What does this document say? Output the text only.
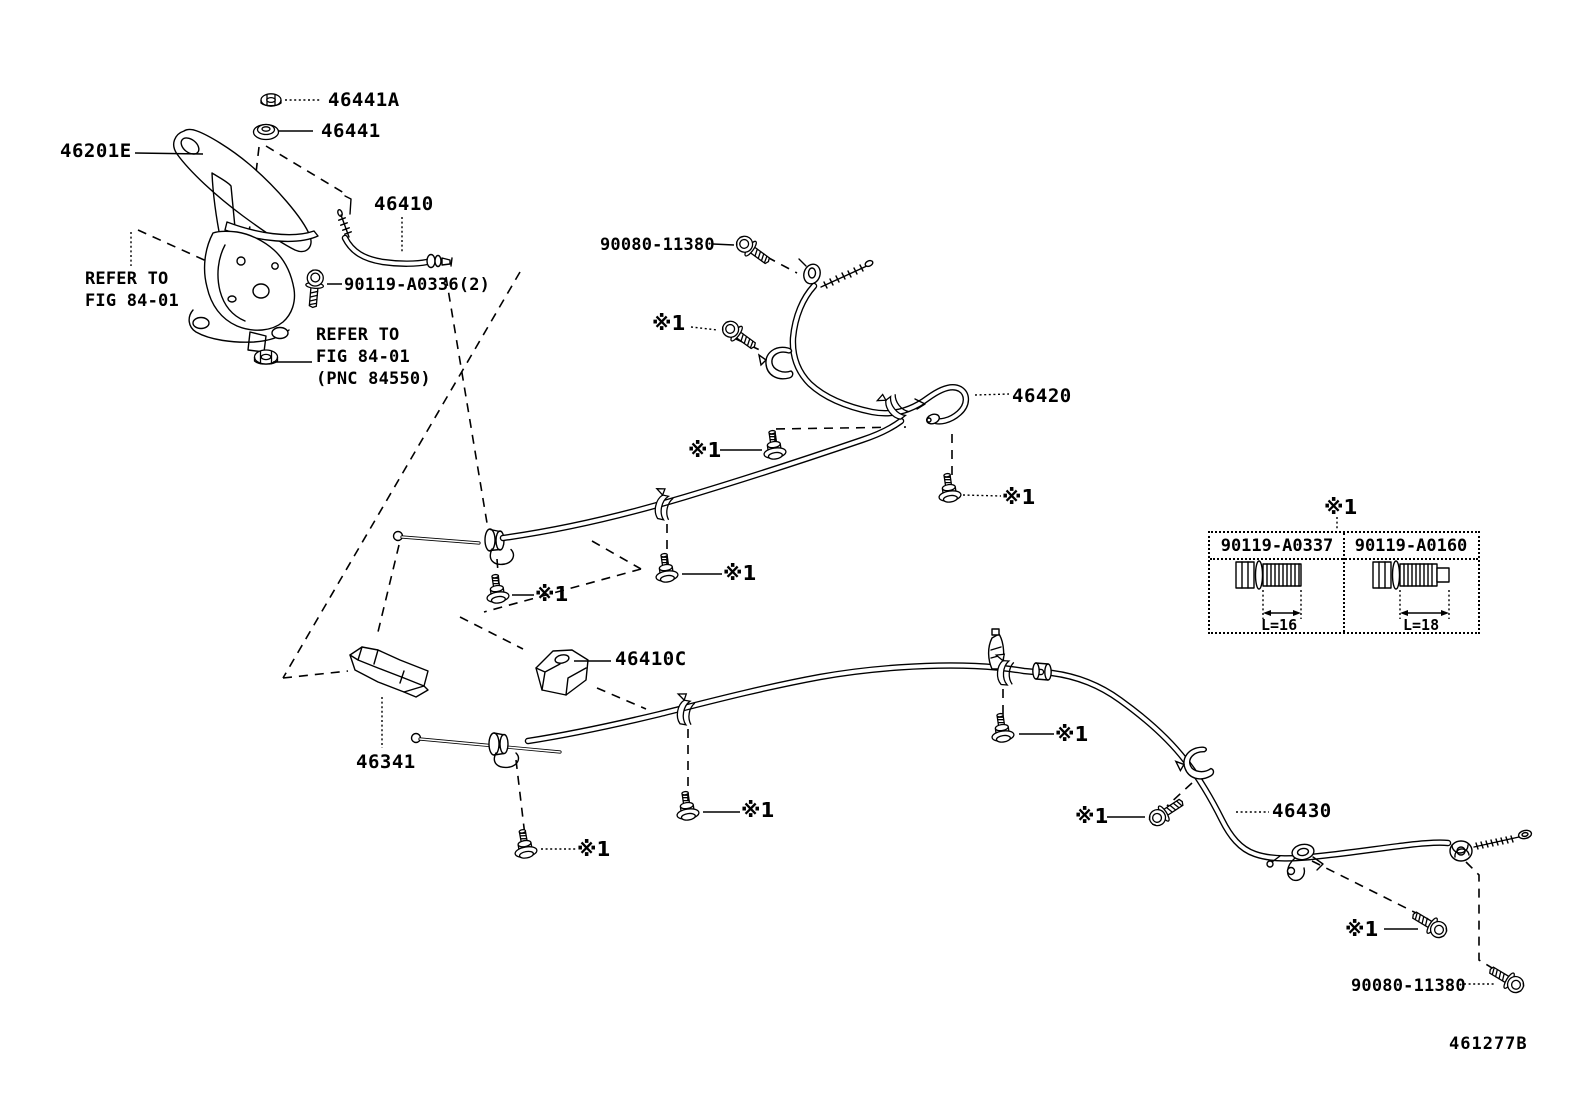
46441A
46441
46201E
46410
90119-A0336(2)
90080-11380
46420
46410C
46341
46430
90080-11380
461277B
REFER TO
FIG 84-01
REFER TO
FIG 84-01
(PNC 84550)
※1
※1
※1
※1
※1
※1
※1
※1
※1
※1
※1
90119-A0337	90119-A0160
L=16	L=18
